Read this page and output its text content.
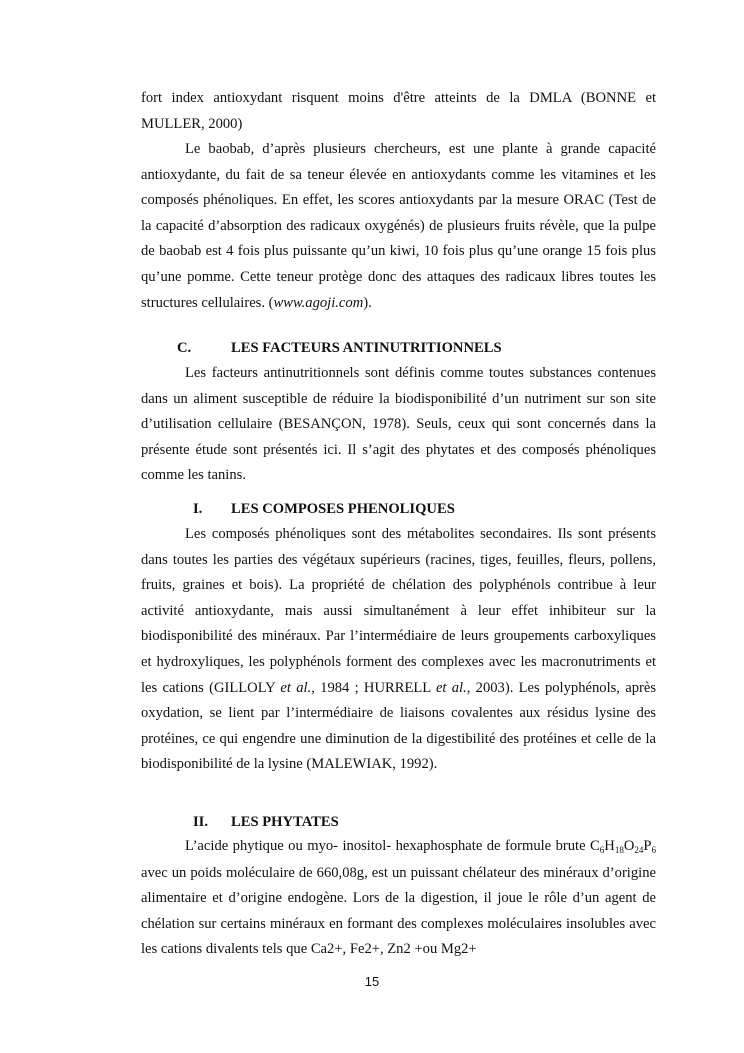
fort index antioxydant risquent moins d'être atteints de la DMLA (BONNE et MULLER, 2000)

Le baobab, d’après plusieurs chercheurs, est une plante à grande capacité antioxydante, du fait de sa teneur élevée en antioxydants comme les vitamines et les composés phénoliques. En effet, les scores antioxydants par la mesure ORAC (Test de la capacité d’absorption des radicaux oxygénés) de plusieurs fruits révèle, que la pulpe de baobab est 4 fois plus puissante qu’un kiwi, 10 fois plus qu’une orange 15 fois plus qu’une pomme. Cette teneur protège donc des attaques des radicaux libres toutes les structures cellulaires. (www.agoji.com).

C.	LES FACTEURS ANTINUTRITIONNELS

Les facteurs antinutritionnels sont définis comme toutes substances contenues dans un aliment susceptible de réduire la biodisponibilité d’un nutriment sur son site d’utilisation cellulaire (BESANÇON, 1978). Seuls, ceux qui sont concernés dans la présente étude sont présentés ici. Il s’agit des phytates et des composés phénoliques comme les tanins.

I. LES COMPOSES PHENOLIQUES

Les composés phénoliques sont des métabolites secondaires. Ils sont présents dans toutes les parties des végétaux supérieurs (racines, tiges, feuilles, fleurs, pollens, fruits, graines et bois). La propriété de chélation des polyphénols contribue à leur activité antioxydante, mais aussi simultanément à leur effet inhibiteur sur la biodisponibilité des minéraux. Par l’intermédiaire de leurs groupements carboxyliques et hydroxyliques, les polyphénols forment des complexes avec les macronutriments et les cations (GILLOLY et al., 1984 ; HURRELL et al., 2003). Les polyphénols, après oxydation, se lient par l’intermédiaire de liaisons covalentes aux résidus lysine des protéines, ce qui engendre une diminution de la digestibilité des protéines et celle de la biodisponibilité de la lysine (MALEWIAK, 1992).

II. LES PHYTATES

L’acide phytique ou myo- inositol- hexaphosphate de formule brute $C_6H_{18}O_{24}P_6$ avec un poids moléculaire de 660,08g, est un puissant chélateur des minéraux d’origine alimentaire et d’origine endogène. Lors de la digestion, il joue le rôle d’un agent de chélation sur certains minéraux en formant des complexes moléculaires insolubles avec les cations divalents tels que Ca2+, Fe2+, Zn2 +ou Mg2+

15
